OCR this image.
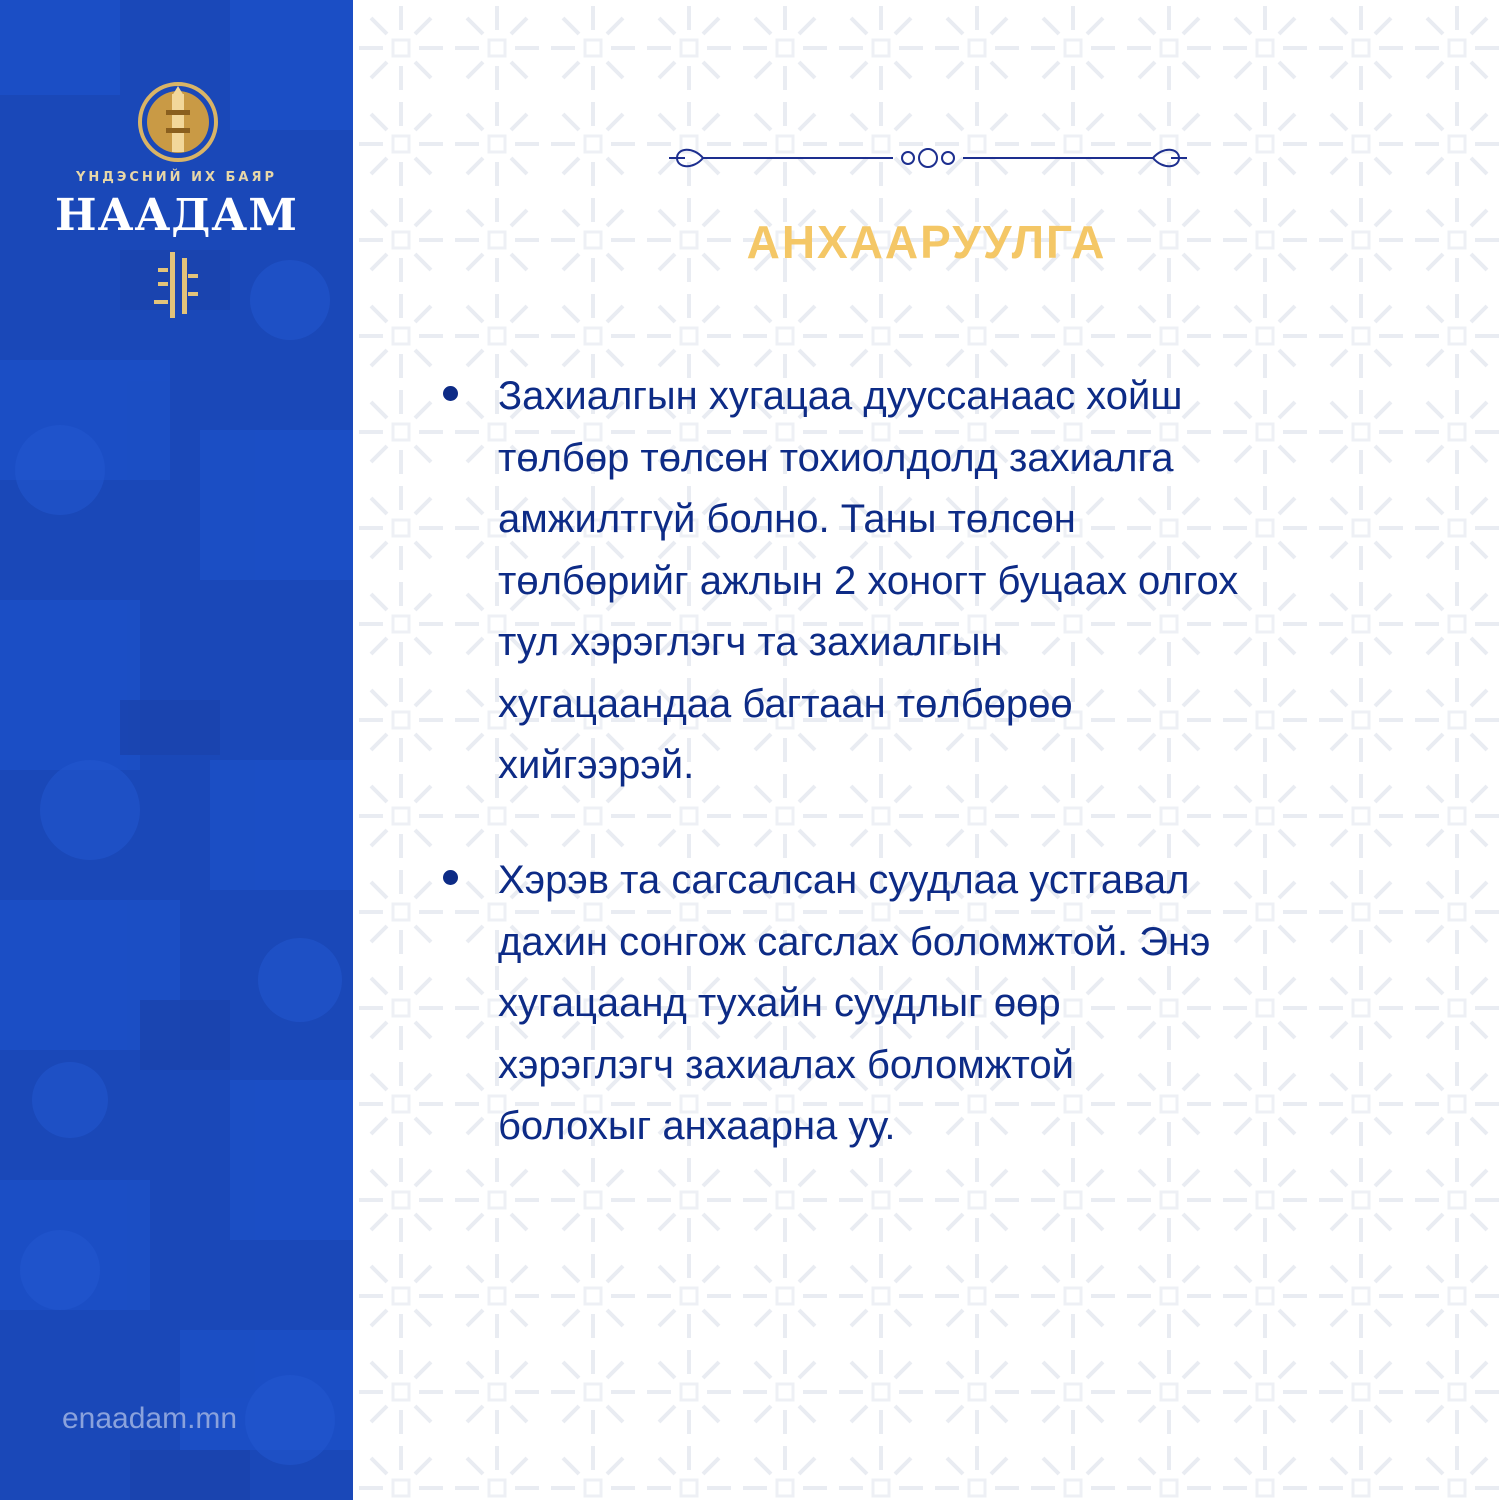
ҮНДЭСНИЙ ИХ БАЯР
НААДАМ
enaadam.mn
АНХААРУУЛГА

Захиалгын хугацаа дууссанаас хойш
төлбөр төлсөн тохиолдолд захиалга
амжилтгүй болно. Таны төлсөн
төлбөрийг ажлын 2 хоногт буцаах олгох
тул хэрэглэгч та захиалгын
хугацаандаа багтаан төлбөрөө
хийгээрэй.

Хэрэв та сагсалсан суудлаа устгавал
дахин сонгож сагслах боломжтой. Энэ
хугацаанд тухайн суудлыг өөр
хэрэглэгч захиалах боломжтой
болохыг анхаарна уу.
